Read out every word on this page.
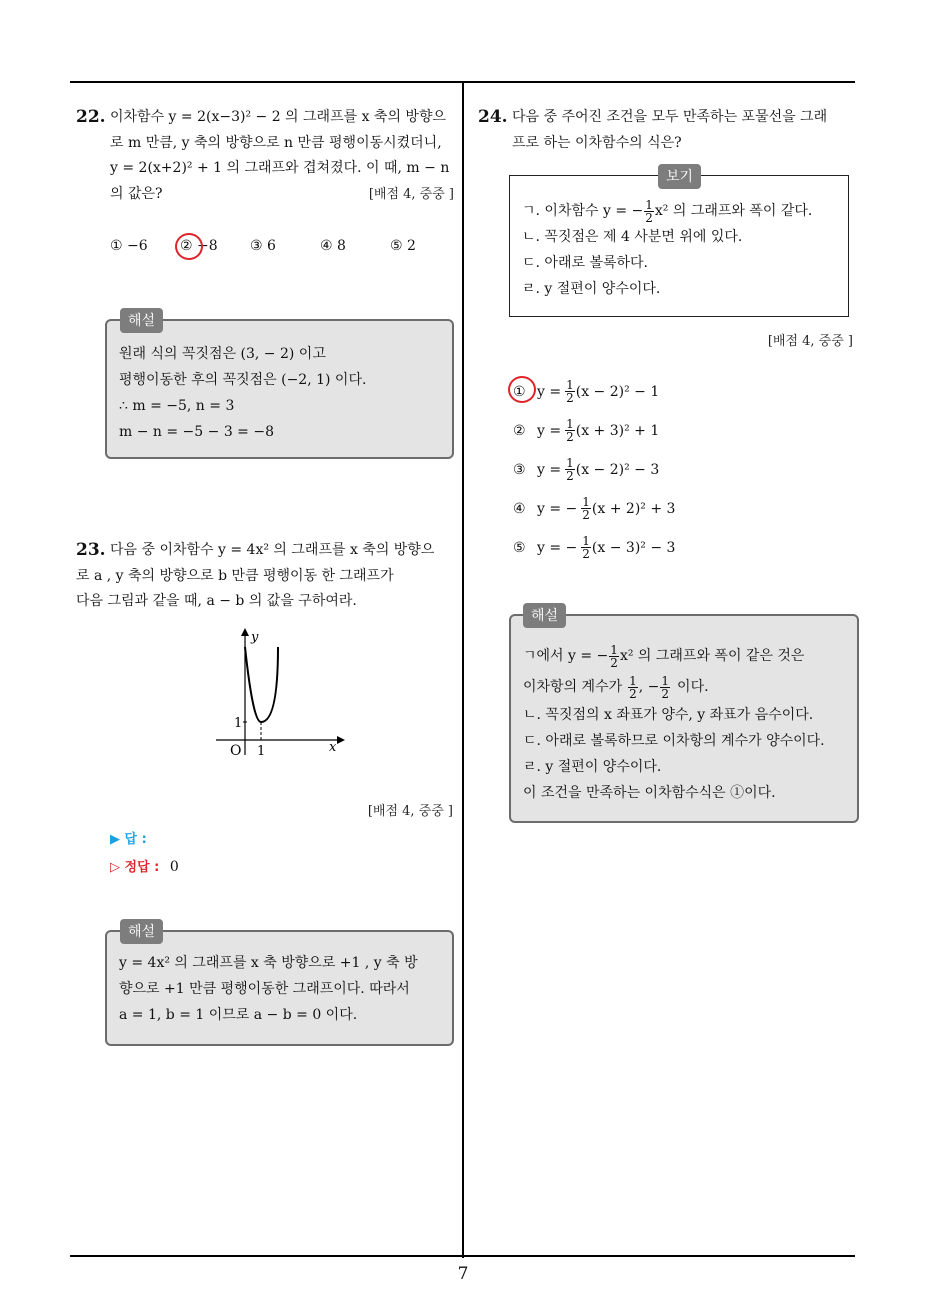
7
22. 이차함수 y = 2(x−3)² − 2 의 그래프를 x 축의 방향으
로 m 만큼, y 축의 방향으로 n 만큼 평행이동시켰더니,
y = 2(x+2)² + 1 의 그래프와 겹쳐졌다. 이 때, m − n
의 값은?	[배점 4, 중중 ]
① −6 ② −8 ③ 6	④ 8	⑤ 2
원래 식의 꼭짓점은 (3, − 2) 이고
평행이동한 후의 꼭짓점은 (−2, 1) 이다.
∴ m = −5, n = 3
m − n = −5 − 3 = −8
해설
23. 다음 중 이차함수 y = 4x² 의 그래프를 x 축의 방향으
로 a , y 축의 방향으로 b 만큼 평행이동 한 그래프가
다음 그림과 같을 때, a − b 의 값을 구하여라.
y
x
O 1
1
[배점 4, 중중 ]
▶ 답 :
▷ 정답 : 0
y = 4x² 의 그래프를 x 축 방향으로 +1 , y 축 방
향으로 +1 만큼 평행이동한 그래프이다. 따라서
a = 1, b = 1 이므로 a − b = 0 이다.
해설
24. 다음 중 주어진 조건을 모두 만족하는 포물선을 그래
프로 하는 이차함수의 식은?
ㄱ. 이차함수 y = − $\frac{1}{2} x^2$ 의 그래프와 폭이 같다.
ㄴ. 꼭짓점은 제 4 사분면 위에 있다.
ㄷ. 아래로 볼록하다.
ㄹ. y 절편이 양수이다.
보기
[배점 4, 중중 ]
① $y = \frac{1}{2} (x - 2)^2 - 1$
② $y = \frac{1}{2} (x + 3)^2 + 1$
③ $y = \frac{1}{2} (x - 2)^2 - 3$
④ y = − $\frac{1}{2} (x + 2)^2 + 3$
⑤ y = − $\frac{1}{2} (x - 3)^2 - 3$
ㄱ에서 y = − $\frac{1}{2} x^2$ 의 그래프와 폭이 같은 것은
이차항의 계수가 $\frac{1}{2}$ , − $\frac{1}{2}$ 이다.
ㄴ. 꼭짓점의 x 좌표가 양수, y 좌표가 음수이다.
ㄷ. 아래로 볼록하므로 이차항의 계수가 양수이다.
ㄹ. y 절편이 양수이다.
이 조건을 만족하는 이차함수식은 ①이다.
해설
